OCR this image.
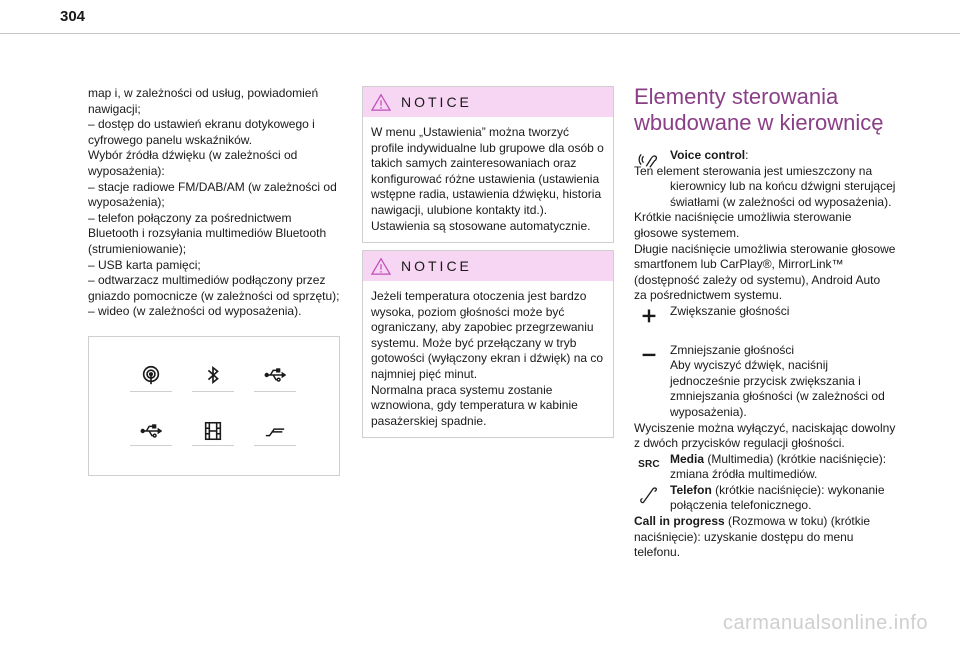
304

map i, w zależności od usług, powiadomień nawigacji;

– dostęp do ustawień ekranu dotykowego i cyfrowego panelu wskaźników.

Wybór źródła dźwięku (w zależności od wyposażenia):

– stacje radiowe FM/DAB/AM (w zależności od wyposażenia);

– telefon połączony za pośrednictwem Bluetooth i rozsyłania multimediów Bluetooth (strumieniowanie);

– USB karta pamięci;

– odtwarzacz multimediów podłączony przez gniazdo pomocnicze (w zależności od sprzętu);

– wideo (w zależności od wyposażenia).

NOTICE

W menu „Ustawienia” można tworzyć profile indywidualne lub grupowe dla osób o takich samych zainteresowaniach oraz konfigurować różne ustawienia (ustawienia wstępne radia, ustawienia dźwięku, historia nawigacji, ulubione kontakty itd.). Ustawienia są stosowane automatycznie.

NOTICE

Jeżeli temperatura otoczenia jest bardzo wysoka, poziom głośności może być ograniczany, aby zapobiec przegrzewaniu systemu. Może być przełączany w tryb gotowości (wyłączony ekran i dźwięk) na co najmniej pięć minut.

Normalna praca systemu zostanie wznowiona, gdy temperatura w kabinie pasażerskiej spadnie.

Elementy sterowania wbudowane w kierownicę

Voice control:

Ten element sterowania jest umieszczony na kierownicy lub na końcu dźwigni sterującej światłami (w zależności od wyposażenia).

Krótkie naciśnięcie umożliwia sterowanie głosowe systemem.

Długie naciśnięcie umożliwia sterowanie głosowe smartfonem lub CarPlay®, MirrorLink™ (dostępność zależy od systemu), Android Auto za pośrednictwem systemu.

Zwiększanie głośności

Zmniejszanie głośności

Aby wyciszyć dźwięk, naciśnij jednocześnie przycisk zwiększania i zmniejszania głośności (w zależności od wyposażenia).

Wyciszenie można wyłączyć, naciskając dowolny z dwóch przycisków regulacji głośności.

SRC Media (Multimedia) (krótkie naciśnięcie): zmiana źródła multimediów.

Telefon (krótkie naciśnięcie): wykonanie połączenia telefonicznego.

Call in progress (Rozmowa w toku) (krótkie naciśnięcie): uzyskanie dostępu do menu telefonu.

carmanualsonline.info
